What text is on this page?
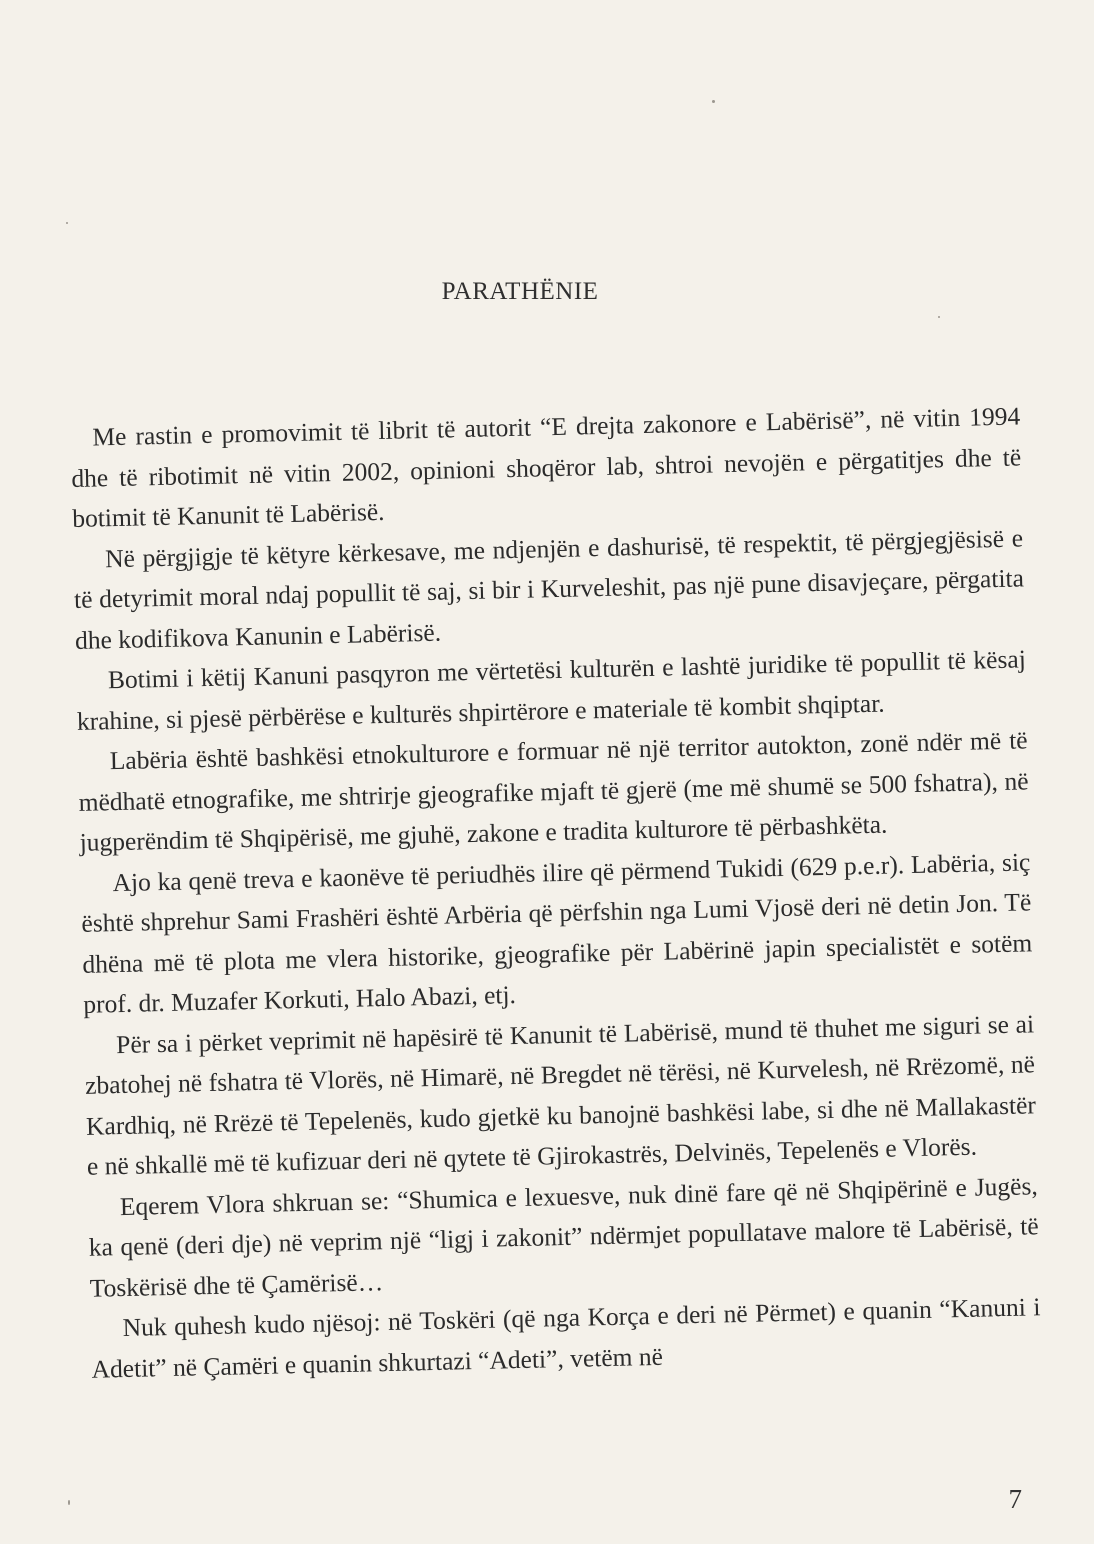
PARATHËNIE

Me rastin e promovimit të librit të autorit “E drejta zakonore e Labërisë”, në vitin 1994 dhe të ribotimit në vitin 2002, opinioni shoqëror lab, shtroi nevojën e përgatitjes dhe të botimit të Kanunit të Labërisë.

Në përgjigje të këtyre kërkesave, me ndjenjën e dashurisë, të respektit, të përgjegjësisë e të detyrimit moral ndaj popullit të saj, si bir i Kurveleshit, pas një pune disavjeçare, përgatita dhe kodifikova Kanunin e Labërisë.

Botimi i këtij Kanuni pasqyron me vërtetësi kulturën e lashtë juridike të popullit të kësaj krahine, si pjesë përbërëse e kulturës shpirtërore e materiale të kombit shqiptar.

Labëria është bashkësi etnokulturore e formuar në një territor autokton, zonë ndër më të mëdhatë etnografike, me shtrirje gjeografike mjaft të gjerë (me më shumë se 500 fshatra), në jugperëndim të Shqipërisë, me gjuhë, zakone e tradita kulturore të përbashkëta.

Ajo ka qenë treva e kaonëve të periudhës ilire që përmend Tukidi (629 p.e.r). Labëria, siç është shprehur Sami Frashëri është Arbëria që përfshin nga Lumi Vjosë deri në detin Jon. Të dhëna më të plota me vlera historike, gjeografike për Labërinë japin specialistët e sotëm prof. dr. Muzafer Korkuti, Halo Abazi, etj.

Për sa i përket veprimit në hapësirë të Kanunit të Labërisë, mund të thuhet me siguri se ai zbatohej në fshatra të Vlorës, në Himarë, në Bregdet në tërësi, në Kurvelesh, në Rrëzomë, në Kardhiq, në Rrëzë të Tepelenës, kudo gjetkë ku banojnë bashkësi labe, si dhe në Mallakastër e në shkallë më të kufizuar deri në qytete të Gjirokastrës, Delvinës, Tepelenës e Vlorës.

Eqerem Vlora shkruan se: “Shumica e lexuesve, nuk dinë fare që në Shqipërinë e Jugës, ka qenë (deri dje) në veprim një “ligj i zakonit” ndërmjet popullatave malore të Labërisë, të Toskërisë dhe të Çamërisë…

Nuk quhesh kudo njësoj: në Toskëri (që nga Korça e deri në Përmet) e quanin “Kanuni i Adetit” në Çamëri e quanin shkurtazi “Adeti”, vetëm në

7
